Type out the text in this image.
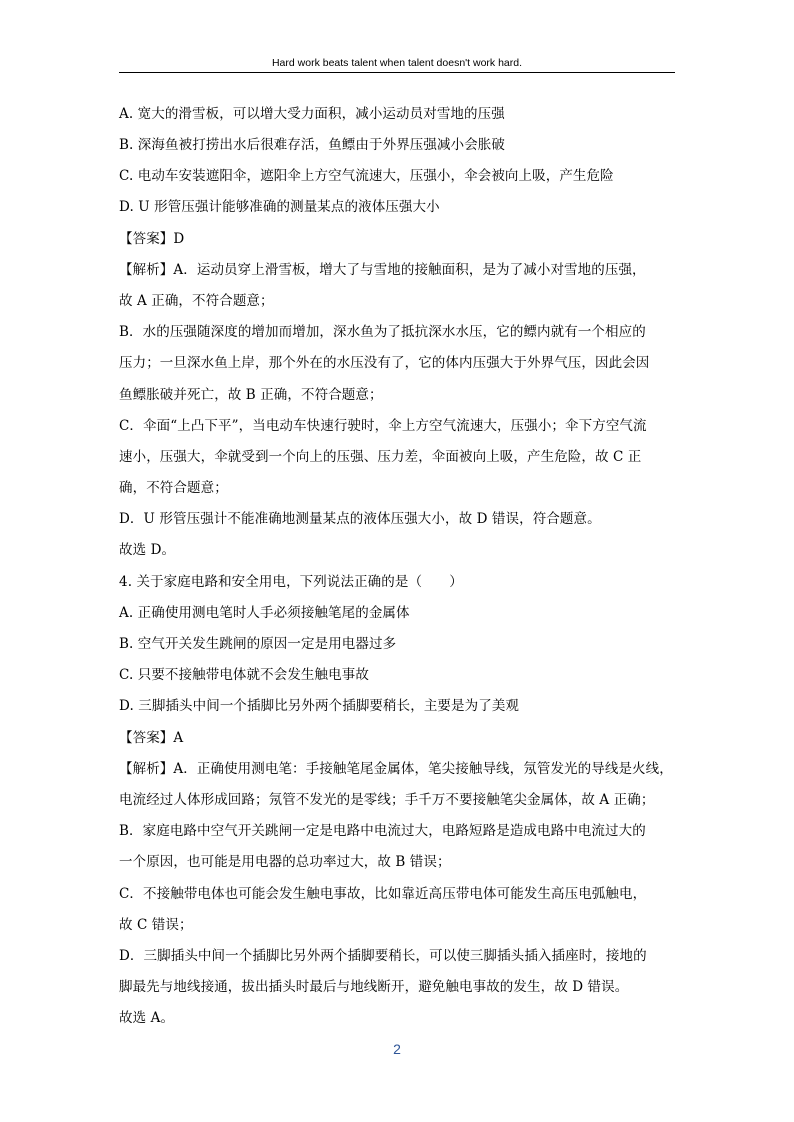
Hard work beats talent when talent doesn't work hard.
A. 宽大的滑雪板，可以增大受力面积，减小运动员对雪地的压强
B. 深海鱼被打捞出水后很难存活，鱼鳔由于外界压强减小会胀破
C. 电动车安装遮阳伞，遮阳伞上方空气流速大，压强小，伞会被向上吸，产生危险
D. U 形管压强计能够准确的测量某点的液体压强大小
【答案】D
【解析】A．运动员穿上滑雪板，增大了与雪地的接触面积，是为了减小对雪地的压强，
故 A 正确，不符合题意；
B．水的压强随深度的增加而增加，深水鱼为了抵抗深水水压，它的鳔内就有一个相应的
压力；一旦深水鱼上岸，那个外在的水压没有了，它的体内压强大于外界气压，因此会因
鱼鳔胀破并死亡，故 B 正确，不符合题意；
C．伞面“上凸下平”，当电动车快速行驶时，伞上方空气流速大，压强小；伞下方空气流
速小，压强大，伞就受到一个向上的压强、压力差，伞面被向上吸，产生危险，故 C 正
确，不符合题意；
D．U 形管压强计不能准确地测量某点的液体压强大小，故 D 错误，符合题意。
故选 D。
4. 关于家庭电路和安全用电，下列说法正确的是（　　）
A. 正确使用测电笔时人手必须接触笔尾的金属体
B. 空气开关发生跳闸的原因一定是用电器过多
C. 只要不接触带电体就不会发生触电事故
D. 三脚插头中间一个插脚比另外两个插脚要稍长，主要是为了美观
【答案】A
【解析】A．正确使用测电笔：手接触笔尾金属体，笔尖接触导线，氖管发光的导线是火线，
电流经过人体形成回路；氖管不发光的是零线；手千万不要接触笔尖金属体，故 A 正确；
B．家庭电路中空气开关跳闸一定是电路中电流过大，电路短路是造成电路中电流过大的
一个原因，也可能是用电器的总功率过大，故 B 错误；
C．不接触带电体也可能会发生触电事故，比如靠近高压带电体可能发生高压电弧触电，
故 C 错误；
D．三脚插头中间一个插脚比另外两个插脚要稍长，可以使三脚插头插入插座时，接地的
脚最先与地线接通，拔出插头时最后与地线断开，避免触电事故的发生，故 D 错误。
故选 A。
2
